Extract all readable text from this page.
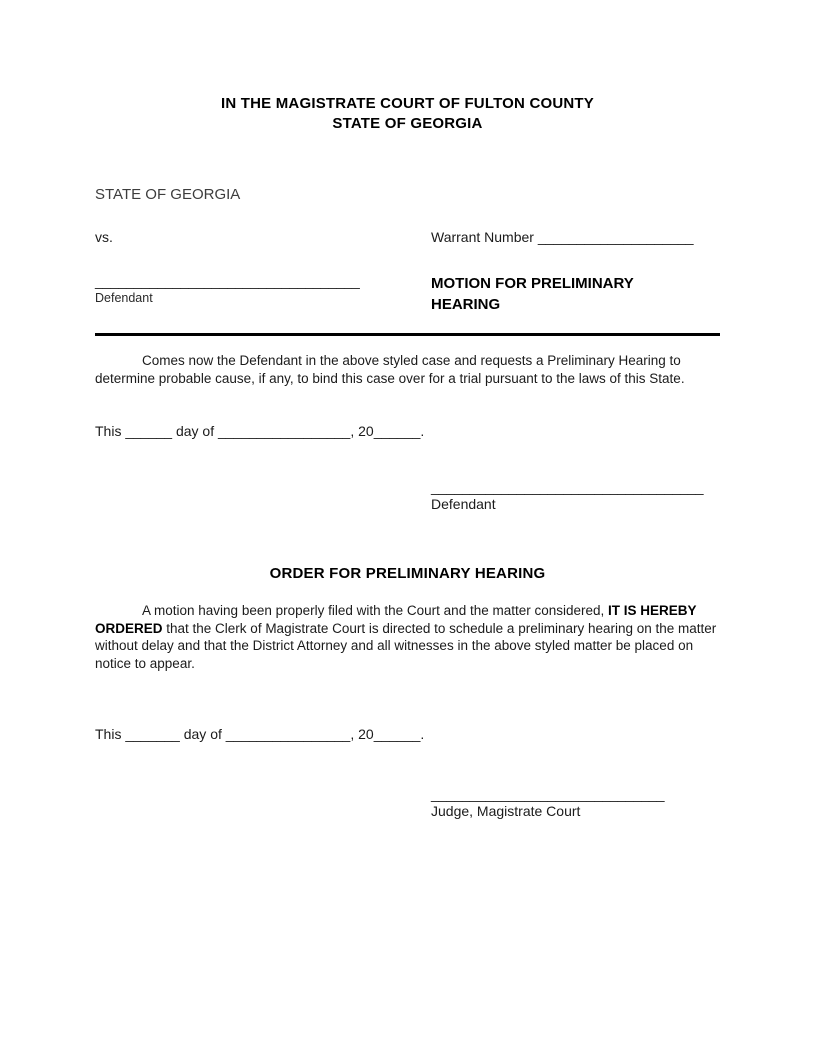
IN THE MAGISTRATE COURT OF FULTON COUNTY
STATE OF GEORGIA
STATE OF GEORGIA
vs.	Warrant Number ____________________
__________________________________
Defendant
MOTION FOR PRELIMINARY
HEARING

Comes now the Defendant in the above styled case and requests a Preliminary Hearing to determine probable cause, if any, to bind this case over for a trial pursuant to the laws of this State.

This ______ day of _________________, 20______.

___________________________________
Defendant
ORDER FOR PRELIMINARY HEARING

A motion having been properly filed with the Court and the matter considered, IT IS HEREBY ORDERED that the Clerk of Magistrate Court is directed to schedule a preliminary hearing on the matter without delay and that the District Attorney and all witnesses in the above styled matter be placed on notice to appear.

This _______ day of ________________, 20______.

______________________________
Judge, Magistrate Court
